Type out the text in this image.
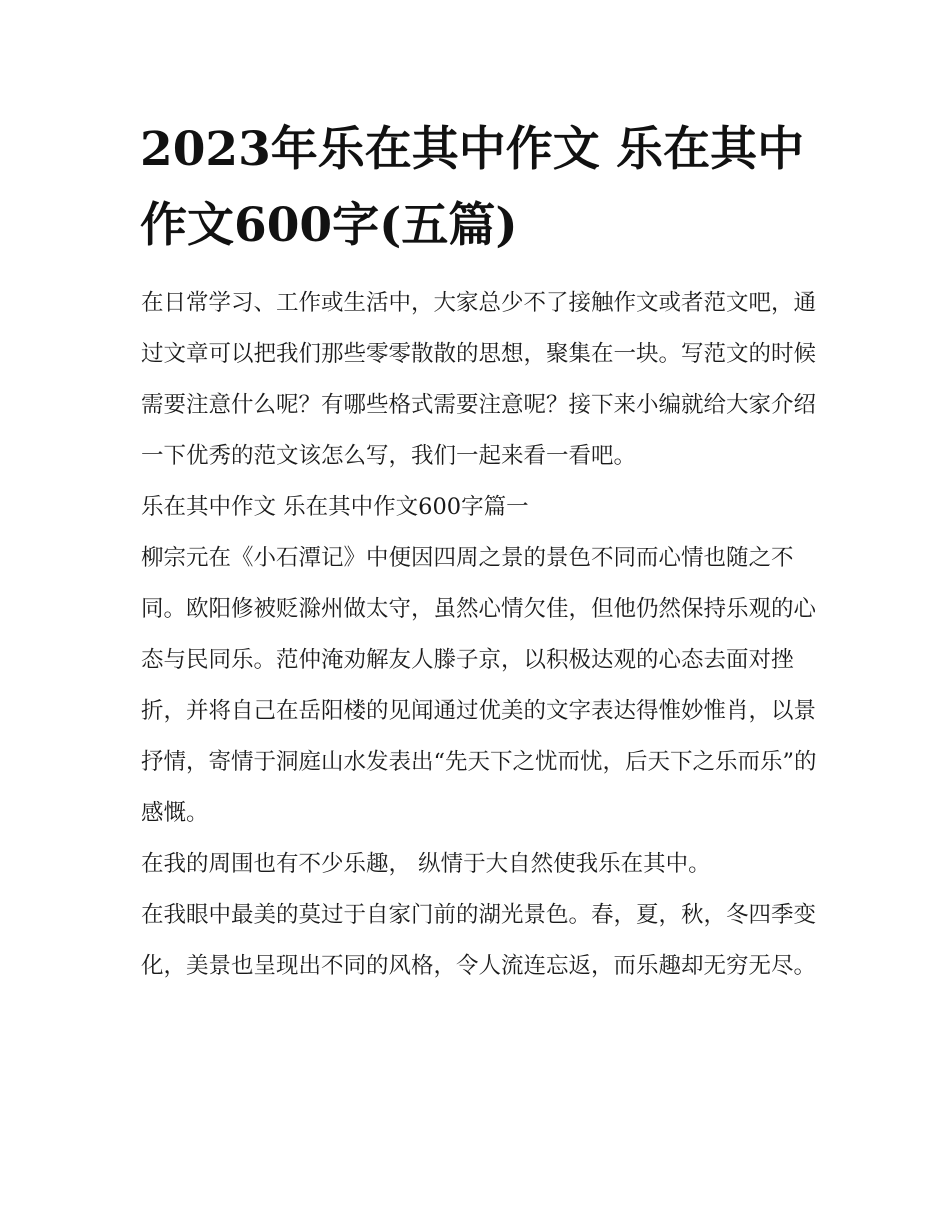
2023年乐在其中作文 乐在其中作文600字(五篇)

在日常学习、工作或生活中，大家总少不了接触作文或者范文吧，通过文章可以把我们那些零零散散的思想，聚集在一块。写范文的时候需要注意什么呢？有哪些格式需要注意呢？接下来小编就给大家介绍一下优秀的范文该怎么写，我们一起来看一看吧。

乐在其中作文 乐在其中作文600字篇一

柳宗元在《小石潭记》中便因四周之景的景色不同而心情也随之不同。欧阳修被贬滁州做太守，虽然心情欠佳，但他仍然保持乐观的心态与民同乐。范仲淹劝解友人滕子京，以积极达观的心态去面对挫折，并将自己在岳阳楼的见闻通过优美的文字表达得惟妙惟肖，以景抒情，寄情于洞庭山水发表出“先天下之忧而忧，后天下之乐而乐”的感慨。

在我的周围也有不少乐趣， 纵情于大自然使我乐在其中。

在我眼中最美的莫过于自家门前的湖光景色。春，夏，秋，冬四季变化，美景也呈现出不同的风格，令人流连忘返，而乐趣却无穷无尽。
